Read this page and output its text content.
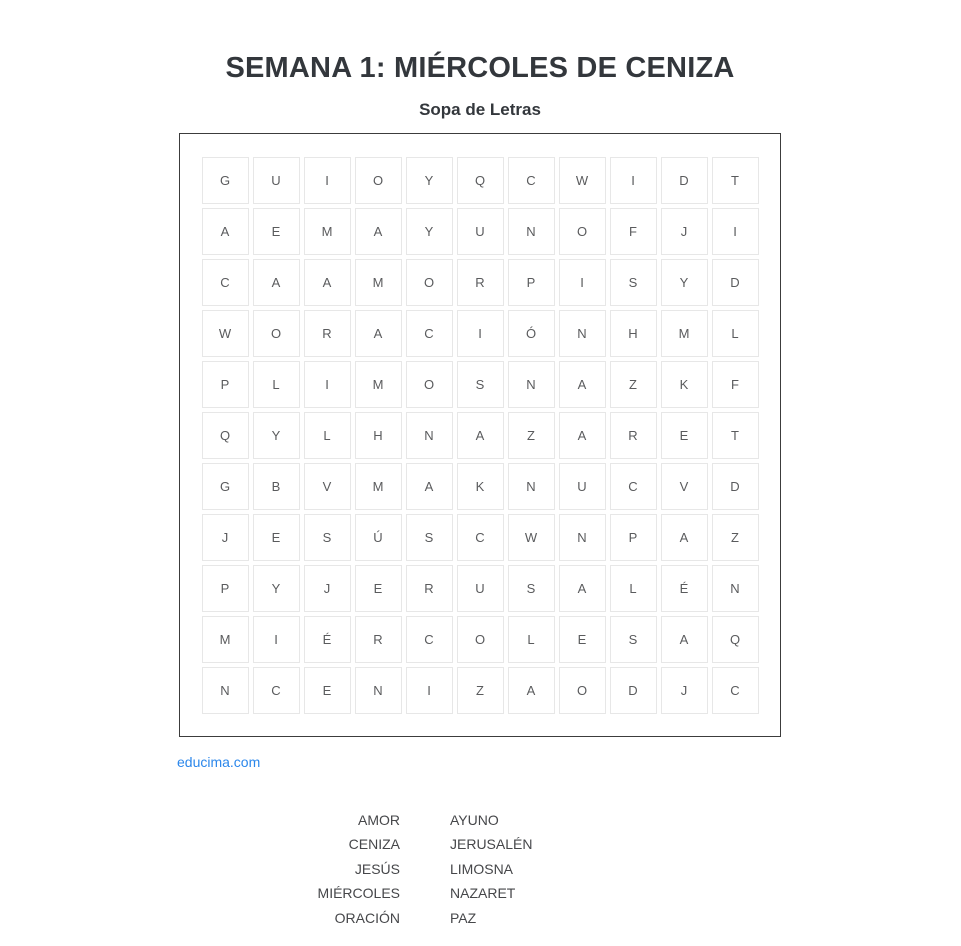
SEMANA 1: MIÉRCOLES DE CENIZA
Sopa de Letras
G	U	I	O	Y	Q	C	W	I	D	T
A	E	M	A	Y	U	N	O	F	J	I
C	A	A	M	O	R	P	I	S	Y	D
W	O	R	A	C	I	Ó	N	H	M	L
P	L	I	M	O	S	N	A	Z	K	F
Q	Y	L	H	N	A	Z	A	R	E	T
G	B	V	M	A	K	N	U	C	V	D
J	E	S	Ú	S	C	W	N	P	A	Z
P	Y	J	E	R	U	S	A	L	É	N
M	I	É	R	C	O	L	E	S	A	Q
N	C	E	N	I	Z	A	O	D	J	C
educima.com
AMOR
CENIZA
JESÚS
MIÉRCOLES
ORACIÓN
AYUNO
JERUSALÉN
LIMOSNA
NAZARET
PAZ
